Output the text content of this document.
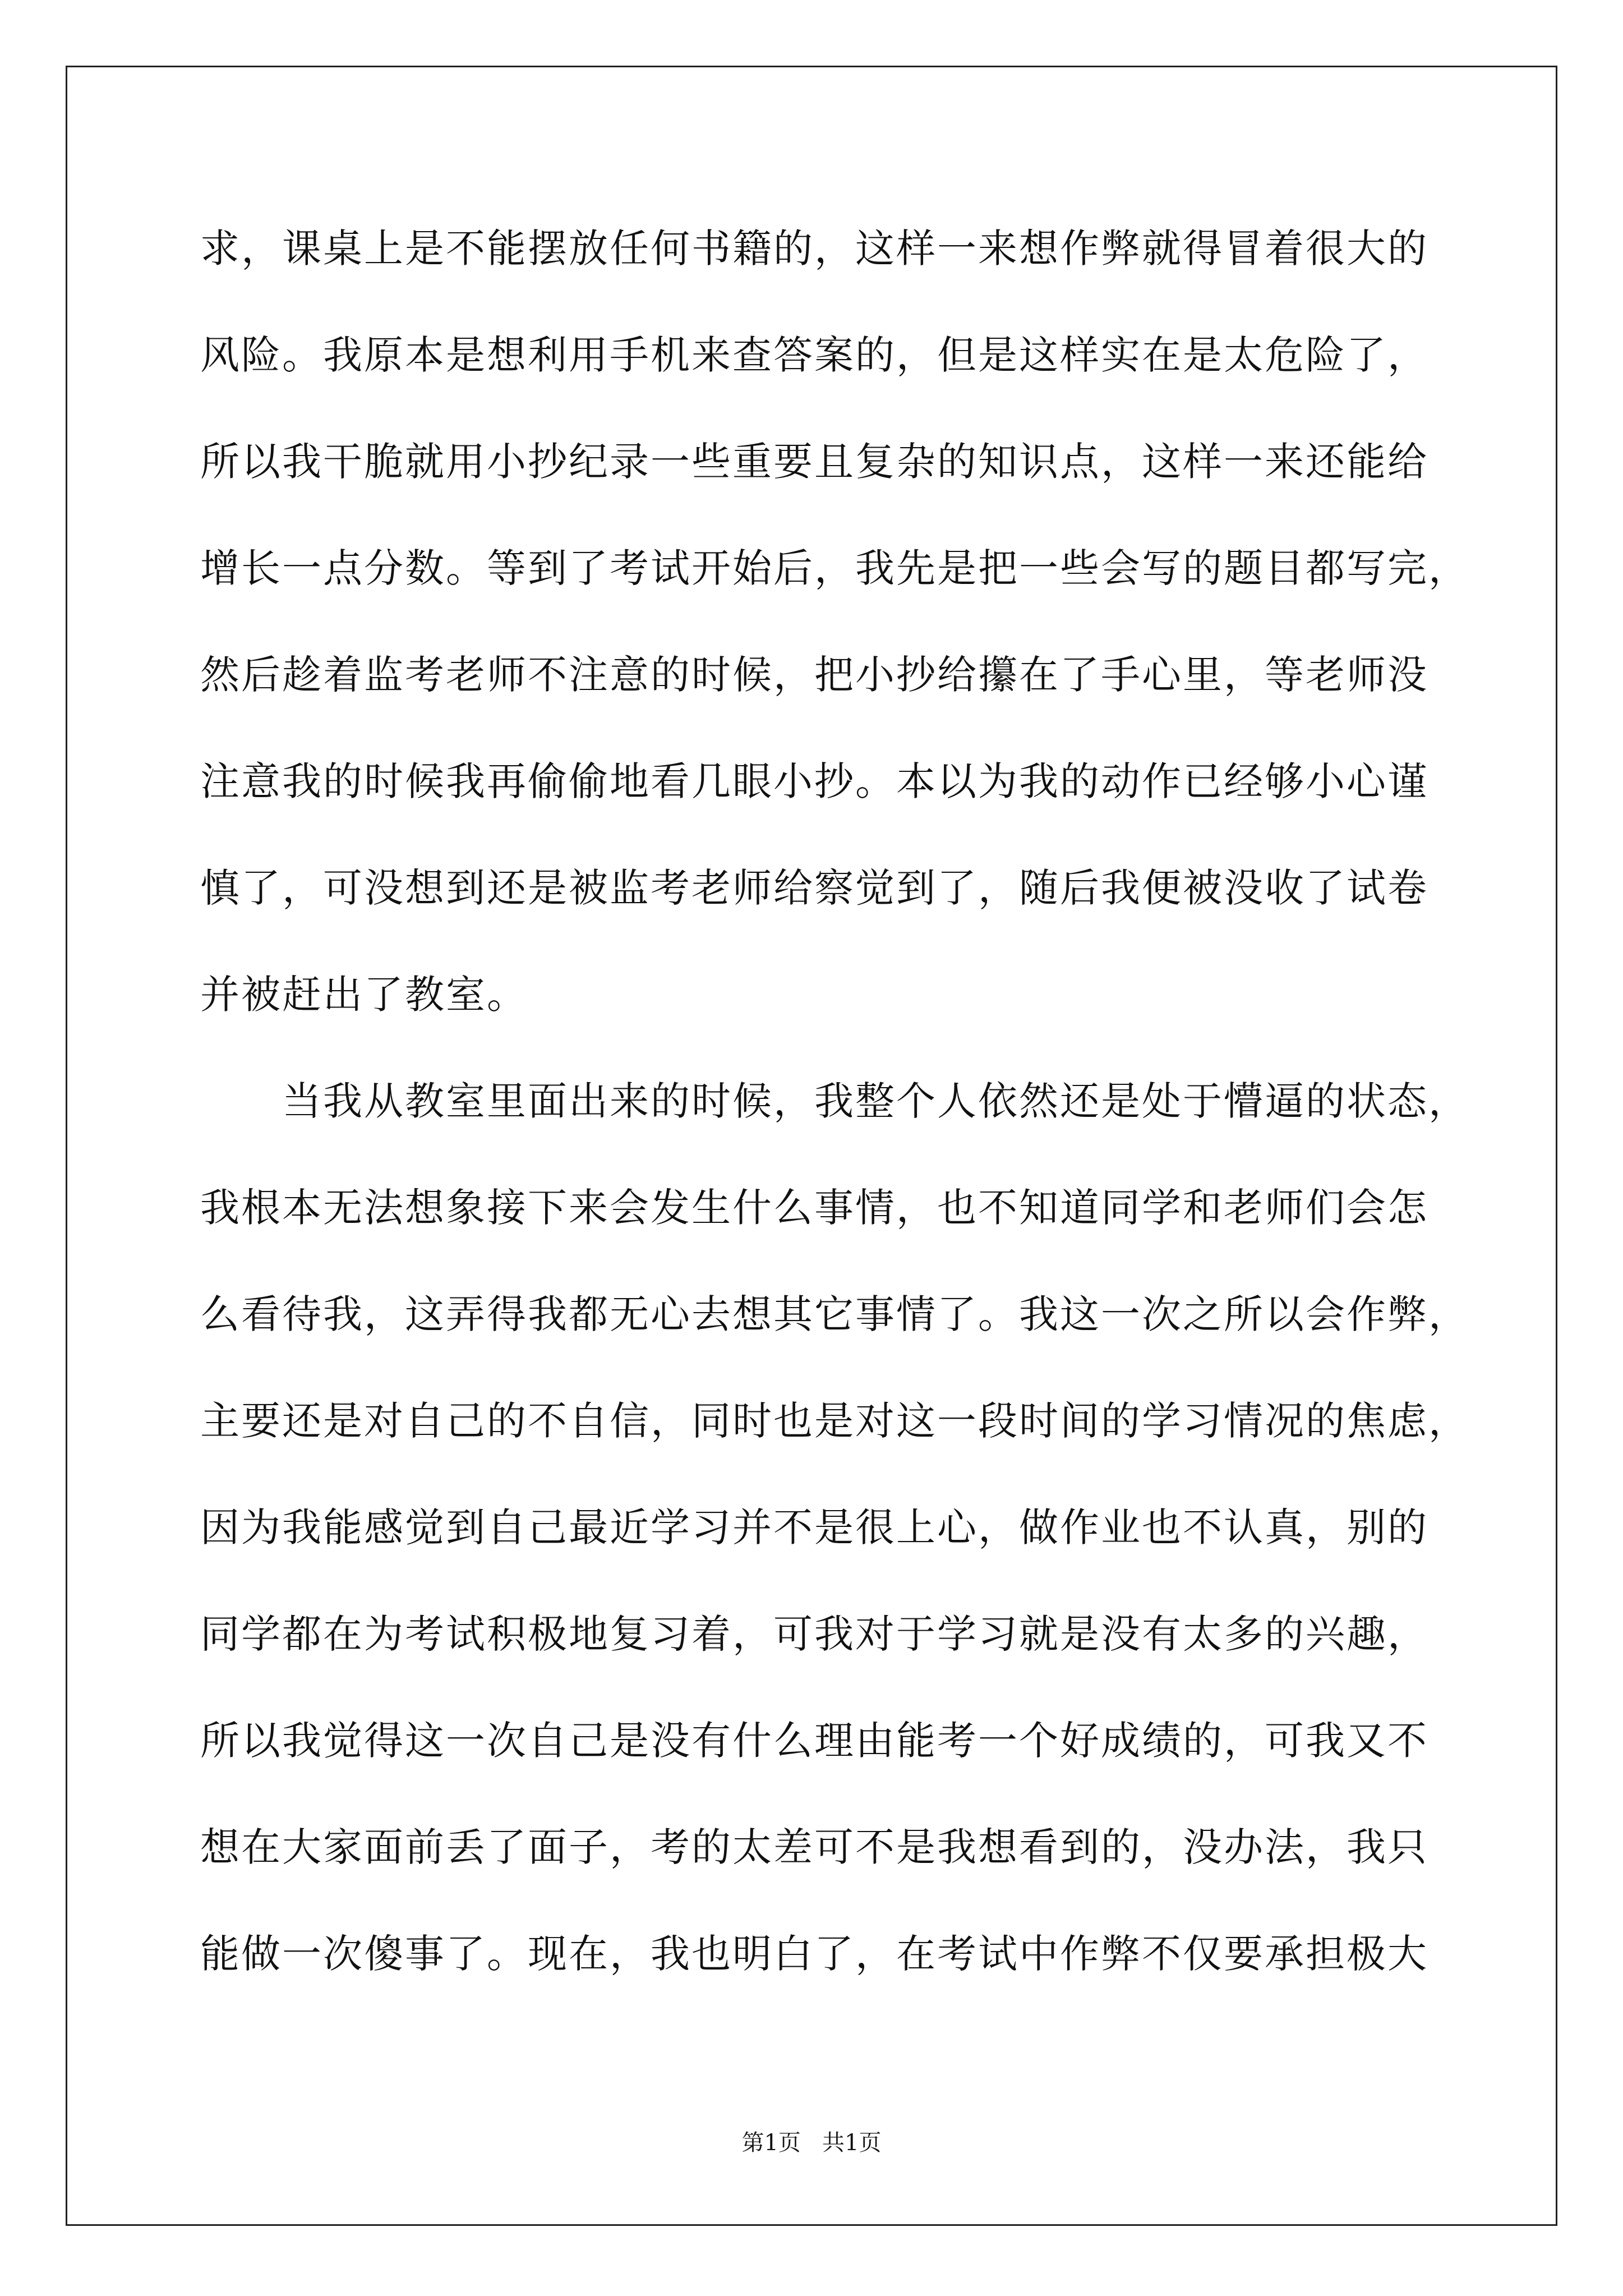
求，课桌上是不能摆放任何书籍的，这样一来想作弊就得冒着很大的
风险。我原本是想利用手机来查答案的，但是这样实在是太危险了，
所以我干脆就用小抄纪录一些重要且复杂的知识点，这样一来还能给
增长一点分数。等到了考试开始后，我先是把一些会写的题目都写完，
然后趁着监考老师不注意的时候，把小抄给攥在了手心里，等老师没
注意我的时候我再偷偷地看几眼小抄。本以为我的动作已经够小心谨
慎了，可没想到还是被监考老师给察觉到了，随后我便被没收了试卷
并被赶出了教室。
当我从教室里面出来的时候，我整个人依然还是处于懵逼的状态，
我根本无法想象接下来会发生什么事情，也不知道同学和老师们会怎
么看待我，这弄得我都无心去想其它事情了。我这一次之所以会作弊，
主要还是对自己的不自信，同时也是对这一段时间的学习情况的焦虑，
因为我能感觉到自己最近学习并不是很上心，做作业也不认真，别的
同学都在为考试积极地复习着，可我对于学习就是没有太多的兴趣，
所以我觉得这一次自己是没有什么理由能考一个好成绩的，可我又不
想在大家面前丢了面子，考的太差可不是我想看到的，没办法，我只
能做一次傻事了。现在，我也明白了，在考试中作弊不仅要承担极大
第1页   共1页
